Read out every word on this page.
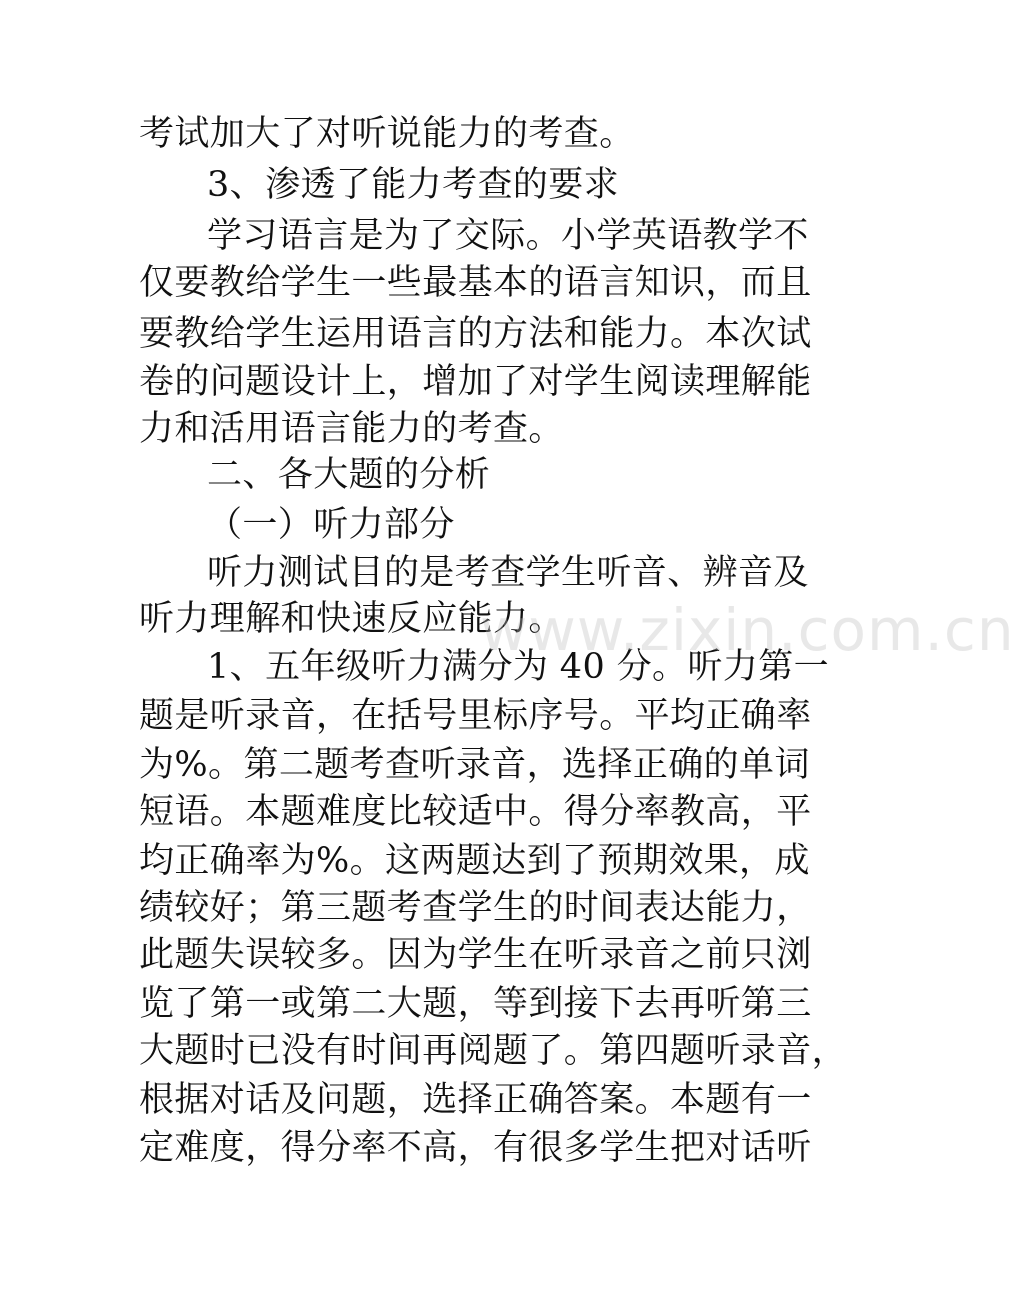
考试加大了对听说能力的考查。
3、渗透了能力考查的要求
学习语言是为了交际。小学英语教学不
仅要教给学生一些最基本的语言知识，而且
要教给学生运用语言的方法和能力。本次试
卷的问题设计上，增加了对学生阅读理解能
力和活用语言能力的考查。
二、各大题的分析
（一）听力部分
听力测试目的是考查学生听音、辨音及
听力理解和快速反应能力。
1、五年级听力满分为 40 分。听力第一
题是听录音，在括号里标序号。平均正确率
为%。第二题考查听录音，选择正确的单词
短语。本题难度比较适中。得分率教高，平
均正确率为%。这两题达到了预期效果，成
绩较好；第三题考查学生的时间表达能力，
此题失误较多。因为学生在听录音之前只浏
览了第一或第二大题，等到接下去再听第三
大题时已没有时间再阅题了。第四题听录音，
根据对话及问题，选择正确答案。本题有一
定难度，得分率不高，有很多学生把对话听
www.zixin.com.cn
